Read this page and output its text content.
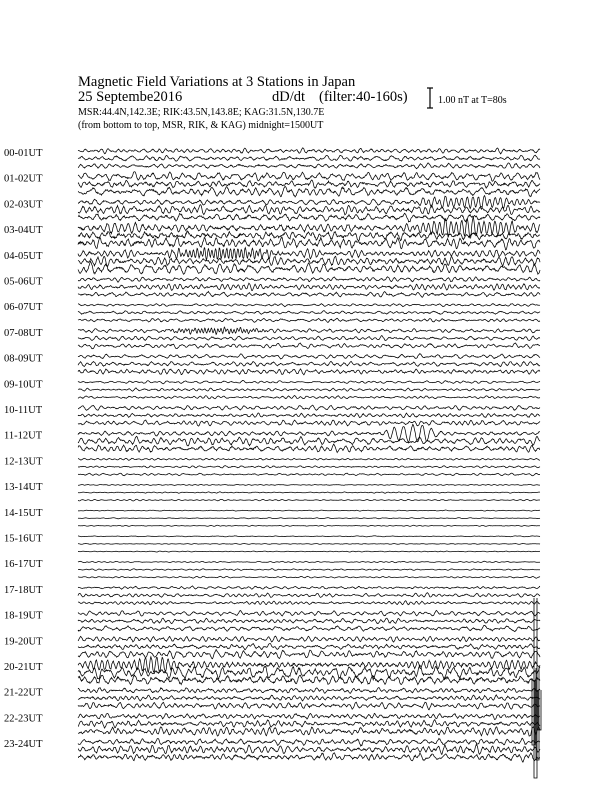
Magnetic Field Variations at 3 Stations in Japan
25 Septembe2016	dD/dt (filter:40-160s)
MSR:44.4N,142.3E; RIK:43.5N,143.8E; KAG:31.5N,130.7E
(from bottom to top, MSR, RIK, & KAG) midnight=1500UT
1.00 nT at T=80s
00-01UT
01-02UT
02-03UT
03-04UT
04-05UT
05-06UT
06-07UT
07-08UT
08-09UT
09-10UT
10-11UT
11-12UT
12-13UT
13-14UT
14-15UT
15-16UT
16-17UT
17-18UT
18-19UT
19-20UT
20-21UT
21-22UT
22-23UT
23-24UT
